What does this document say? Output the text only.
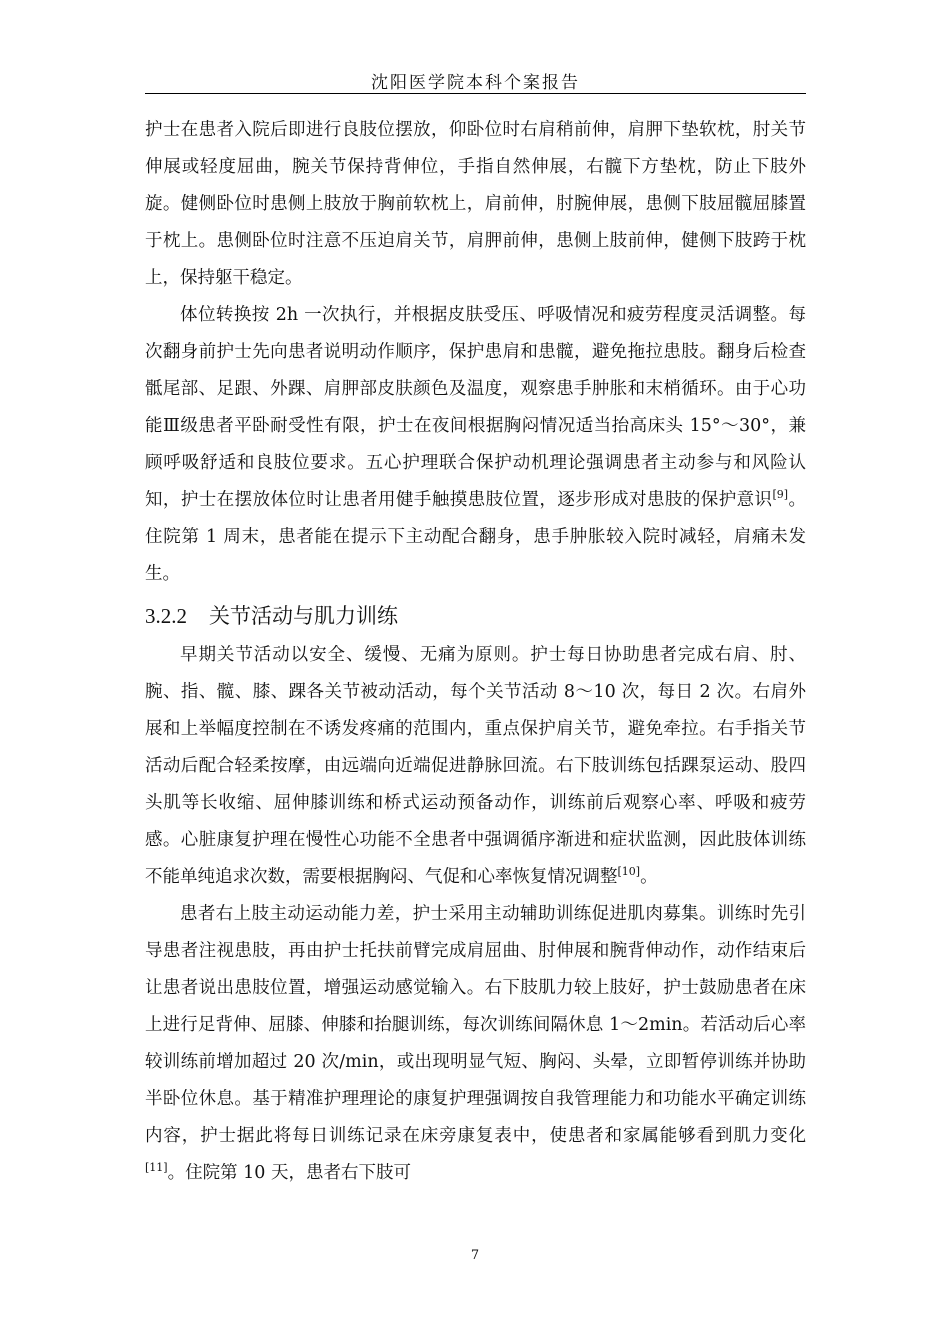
沈阳医学院本科个案报告

护士在患者入院后即进行良肢位摆放，仰卧位时右肩稍前伸，肩胛下垫软枕，肘关节伸展或轻度屈曲，腕关节保持背伸位，手指自然伸展，右髋下方垫枕，防止下肢外旋。健侧卧位时患侧上肢放于胸前软枕上，肩前伸，肘腕伸展，患侧下肢屈髋屈膝置于枕上。患侧卧位时注意不压迫肩关节，肩胛前伸，患侧上肢前伸，健侧下肢跨于枕上，保持躯干稳定。

体位转换按 2h 一次执行，并根据皮肤受压、呼吸情况和疲劳程度灵活调整。每次翻身前护士先向患者说明动作顺序，保护患肩和患髋，避免拖拉患肢。翻身后检查骶尾部、足跟、外踝、肩胛部皮肤颜色及温度，观察患手肿胀和末梢循环。由于心功能Ⅲ级患者平卧耐受性有限，护士在夜间根据胸闷情况适当抬高床头 15°～30°，兼顾呼吸舒适和良肢位要求。五心护理联合保护动机理论强调患者主动参与和风险认知，护士在摆放体位时让患者用健手触摸患肢位置，逐步形成对患肢的保护意识[9]。住院第 1 周末，患者能在提示下主动配合翻身，患手肿胀较入院时减轻，肩痛未发生。

3.2.2 关节活动与肌力训练

早期关节活动以安全、缓慢、无痛为原则。护士每日协助患者完成右肩、肘、腕、指、髋、膝、踝各关节被动活动，每个关节活动 8～10 次，每日 2 次。右肩外展和上举幅度控制在不诱发疼痛的范围内，重点保护肩关节，避免牵拉。右手指关节活动后配合轻柔按摩，由远端向近端促进静脉回流。右下肢训练包括踝泵运动、股四头肌等长收缩、屈伸膝训练和桥式运动预备动作，训练前后观察心率、呼吸和疲劳感。心脏康复护理在慢性心功能不全患者中强调循序渐进和症状监测，因此肢体训练不能单纯追求次数，需要根据胸闷、气促和心率恢复情况调整[10]。

患者右上肢主动运动能力差，护士采用主动辅助训练促进肌肉募集。训练时先引导患者注视患肢，再由护士托扶前臂完成肩屈曲、肘伸展和腕背伸动作，动作结束后让患者说出患肢位置，增强运动感觉输入。右下肢肌力较上肢好，护士鼓励患者在床上进行足背伸、屈膝、伸膝和抬腿训练，每次训练间隔休息 1～2min。若活动后心率较训练前增加超过 20 次/min，或出现明显气短、胸闷、头晕，立即暂停训练并协助半卧位休息。基于精准护理理论的康复护理强调按自我管理能力和功能水平确定训练内容，护士据此将每日训练记录在床旁康复表中，使患者和家属能够看到肌力变化[11]。住院第 10 天，患者右下肢可

7
